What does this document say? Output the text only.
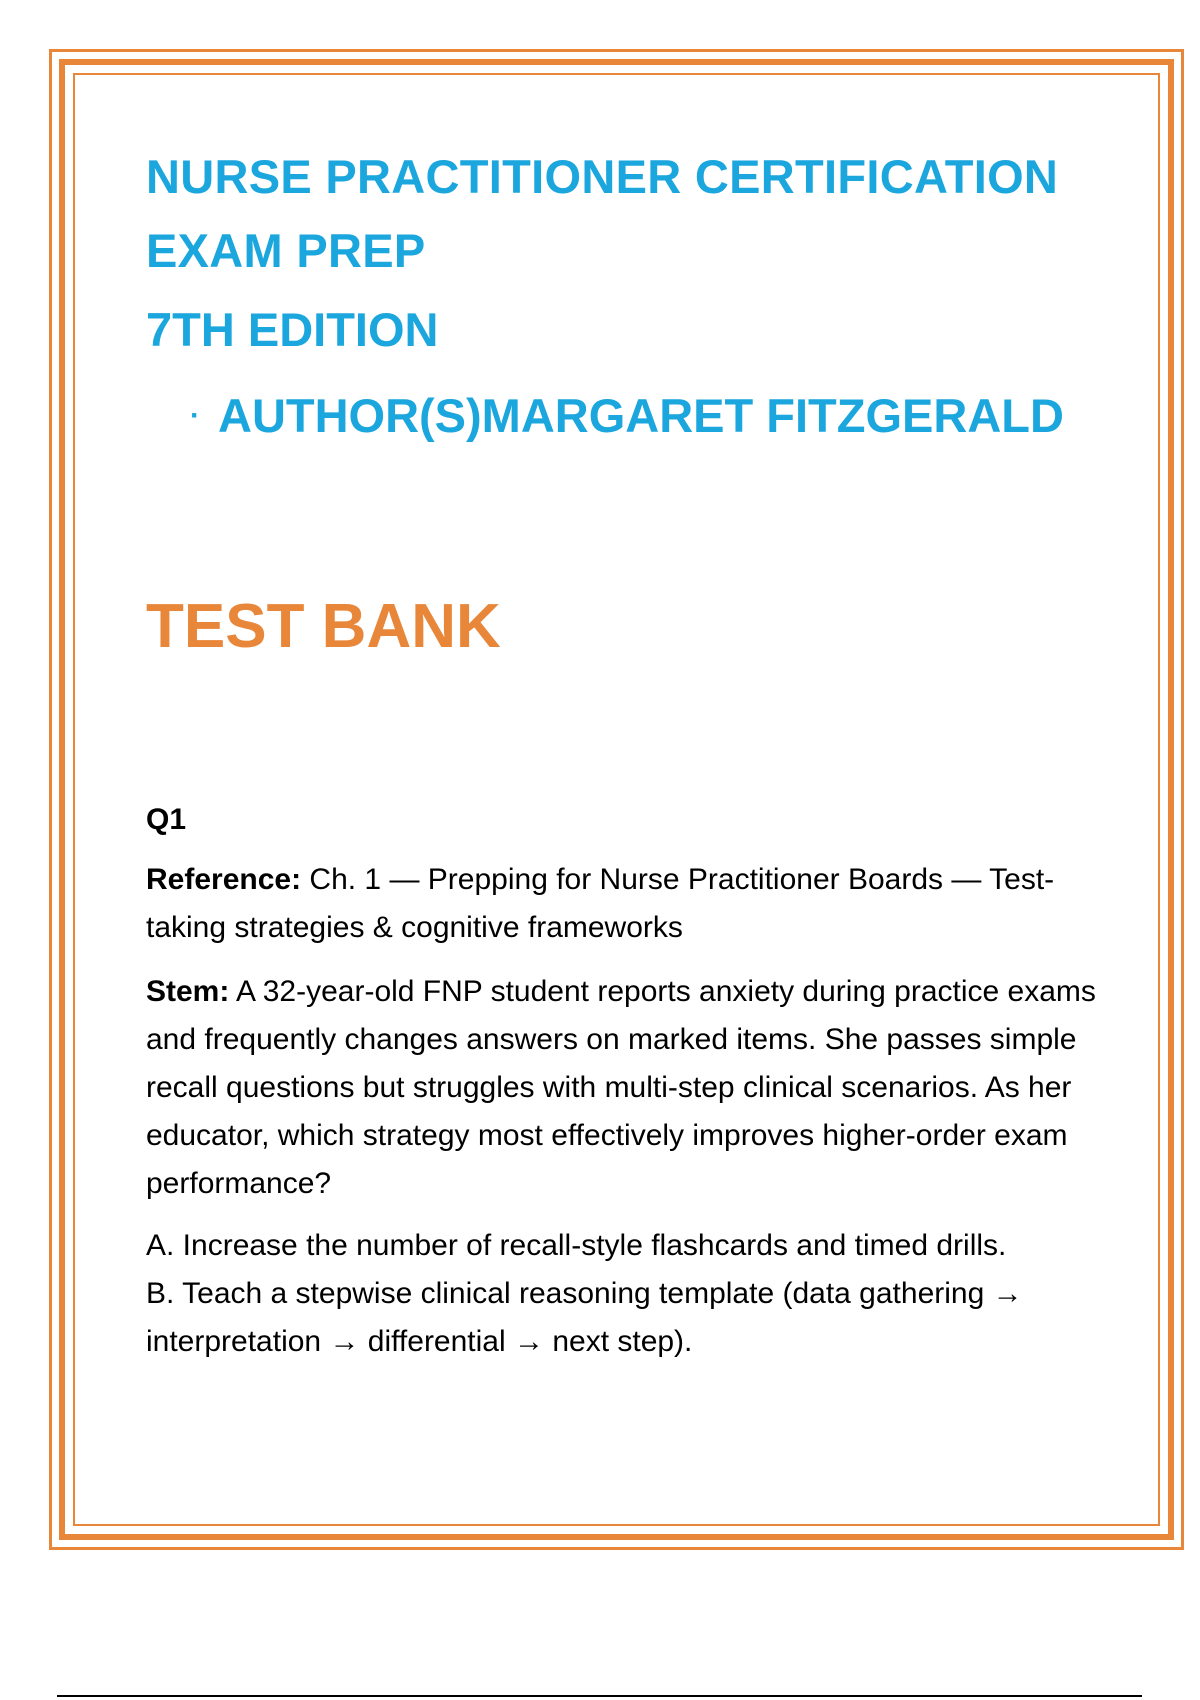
NURSE PRACTITIONER CERTIFICATION
EXAM PREP
7TH EDITION
· AUTHOR(S)MARGARET FITZGERALD
TEST BANK
Q1
Reference: Ch. 1 — Prepping for Nurse Practitioner Boards — Test-taking strategies & cognitive frameworks
Stem: A 32-year-old FNP student reports anxiety during practice exams and frequently changes answers on marked items. She passes simple recall questions but struggles with multi-step clinical scenarios. As her educator, which strategy most effectively improves higher-order exam performance?
A. Increase the number of recall-style flashcards and timed drills.
B. Teach a stepwise clinical reasoning template (data gathering → interpretation → differential → next step).
